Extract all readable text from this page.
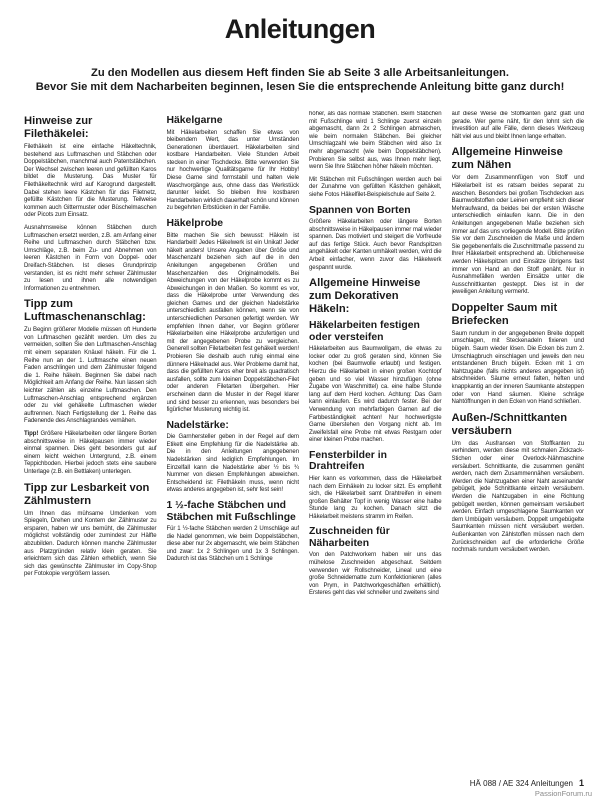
Anleitungen
Zu den Modellen aus diesem Heft finden Sie ab Seite 3 alle Arbeitsanleitungen.
Bevor Sie mit dem Nacharbeiten beginnen, lesen Sie die entsprechende Anleitung bitte ganz durch!
Hinweise zur Filethäkelei:

Filethäkeln ist eine einfache Häkeltechnik, bestehend aus Luftmaschen und Stäbchen oder Doppelstäbchen, manchmal auch Patentstäbchen. Der Wechsel zwischen leeren und gefüllten Karos bildet die Musterung. Das Muster für Filethäkeltechnik wird auf Karogrund dargestellt. Dabei stehen leere Kästchen für das Filetnetz, gefüllte Kästchen für die Musterung. Teilweise kommen auch Gittermuster oder Büschelmaschen oder Picots zum Einsatz.

Ausnahmsweise können Stäbchen durch Luftmaschen ersetzt werden, z.B. am Anfang einer Reihe und Luftmaschen durch Stäbchen bzw. Umschläge, z.B. beim Zu- und Abnehmen von leeren Kästchen in Form von Doppel- oder Dreifach-Stäbchen. Ist dieses Grundprinzip verstanden, ist es nicht mehr schwer Zählmuster zu lesen und ihnen alle notwendigen Informationen zu entnehmen.

Tipp zum Luftmaschenanschlag:

Zu Beginn größerer Modelle müssen oft Hunderte von Luftmaschen gezählt werden. Um dies zu vermeiden, sollten Sie den Luftmaschen-Anschlag mit einem separaten Knäuel häkeln. Für die 1. Reihe nun an der 1. Luftmasche einen neuen Faden anschlingen und dem Zählmuster folgend die 1. Reihe häkeln. Beginnen Sie dabei nach Möglichkeit am Anfang der Reihe. Nun lassen sich leichter zählen als einzelne Luftmaschen. Den Luftmaschen-Anschlag entsprechend ergänzen oder zu viel gehäkelte Luftmaschen wieder auftrennen. Nach Fertigstellung der 1. Reihe das Fadenende des Anschlagrandes vernähen.

Tipp! Größere Häkelarbeiten oder längere Borten abschnittsweise in Häkelpausen immer wieder einmal spannen. Dies geht besonders gut auf einem leicht weichen Untergrund, z.B. einem Teppichboden. Hierbei jedoch stets eine saubere Unterlage (z.B. ein Bettlaken) unterlegen.

Tipp zur Lesbarkeit von Zählmustern

Um Ihnen das mühsame Umdenken vom Spiegeln, Drehen und Kontern der Zählmuster zu ersparen, haben wir uns bemüht, die Zählmuster möglichst vollständig oder zumindest zur Hälfte abzubilden. Dadurch können manche Zählmuster aus Platzgründen relativ klein geraten. Sie erleichtern sich das Zählen erheblich, wenn Sie sich das gewünschte Zählmuster im Copy-Shop per Fotokopie vergrößern lassen.

Häkelgarne

Mit Häkelarbeiten schaffen Sie etwas von bleibendem Wert, das unter Umständen Generationen überdauert. Häkelarbeiten sind kostbare Handarbeiten. Viele Stunden Arbeit stecken in einer Tischdecke. Bitte verwenden Sie nur hochwertige Qualitätsgarne für Ihr Hobby! Diese Garne sind formstabil und halten viele Waschvorgänge aus, ohne dass das Werkstück darunter leidet. So bleiben Ihre kostbaren Handarbeiten wirklich dauerhaft schön und können zu begehrten Erbstücken in der Familie.

Häkelprobe

Bitte machen Sie sich bewusst: Häkeln ist Handarbeit! Jedes Häkelwerk ist ein Unikat! Jeder häkelt anders! Unsere Angaben über Größe und Maschenzahl beziehen sich auf die in den Anleitungen angegebenen Größen und Maschenzahlen des Originalmodells. Bei Abweichungen von der Häkelprobe kommt es zu Abweichungen in den Maßen. So kommt es vor, dass die Häkelprobe unter Verwendung des gleichen Garnes und der gleichen Nadelstärke unterschiedlich ausfallen können, wenn sie von unterschiedlichen Personen gefertigt werden. Wir empfehlen Ihnen daher, vor Beginn größerer Häkelarbeiten eine Häkelprobe anzufertigen und mit der angegebenen Probe zu vergleichen. Generell sollten Filetarbeiten fest gehäkelt werden! Probieren Sie deshalb auch ruhig einmal eine dünnere Häkelnadel aus. Wer Probleme damit hat, dass die gefüllten Karos eher breit als quadratisch ausfallen, sollte zum kleinen Doppelstäbchen-Filet oder anderen Filetarten übergehen. Hier erscheinen dann die Muster in der Regel klarer und sind besser zu erkennen, was besonders bei figürlicher Musterung wichtig ist.

Nadelstärke:

Die Garnhersteller geben in der Regel auf dem Etikett eine Empfehlung für die Nadelstärke ab. Die in den Anleitungen angegebenen Nadelstärken sind lediglich Empfehlungen. Im Einzelfall kann die Nadelstärke aber ½ bis ¾ Nummer von diesen Empfehlungen abweichen. Entscheidend ist: Filethäkeln muss, wenn nicht etwas anderes angegeben ist, sehr fest sein!

1 ½-fache Stäbchen und Stäbchen mit Fußschlinge

Für 1 ½-fache Stäbchen werden 2 Umschläge auf die Nadel genommen, wie beim Doppelstäbchen, diese aber nur 2x abgemascht, wie beim Stäbchen und zwar: 1x 2 Schlingen und 1x 3 Schlingen. Dadurch ist das Stäbchen um 1 Schlinge

höher, als das normale Stäbchen. Beim Stäbchen mit Fußschlinge wird 1 Schlinge zuerst einzeln abgemascht, dann 2x 2 Schlingen abmaschen, wie beim normalen Stäbchen. Bei gleicher Umschlagzahl wie beim Stäbchen wird also 1x mehr abgemascht (wie beim Doppelstäbchen). Probieren Sie selbst aus, was Ihnen mehr liegt, wenn Sie Ihre Stäbchen höher häkeln möchten.

Mit Stäbchen mit Fußschlingen werden auch bei der Zunahme von gefüllten Kästchen gehäkelt, siehe Fotos Häkelfilet-Beispielschule auf Seite 2.

Spannen von Borten

Größere Häkelarbeiten oder längere Borten abschnittsweise in Häkelpausen immer mal wieder spannen. Das motiviert und steigert die Vorfreude auf das fertige Stück. Auch bevor Randspitzen angehäkelt oder Kanten umhäkelt werden, wird die Arbeit einfacher, wenn zuvor das Häkelwerk gespannt wurde.

Allgemeine Hinweise zum Dekorativen Häkeln:
Häkelarbeiten festigen oder versteifen

Häkelarbeiten aus Baumwollgarn, die etwas zu locker oder zu groß geraten sind, können Sie kochen (bei Baumwolle erlaubt) und festigen. Hierzu die Häkelarbeit in einen großen Kochtopf geben und so viel Wasser hinzufügen (ohne Zugabe von Waschmittel) ca. eine halbe Stunde lang auf dem Herd kochen. Achtung: Das Garn kann einlaufen. Es wird dadurch fester. Bei der Verwendung von mehrfarbigen Garnen auf die Farbbeständigkeit achten! Nur hochwertigste Garne überstehen den Vorgang nicht ab. Im Zweifelsfall eine Probe mit etwas Restgarn oder einer kleinen Probe machen.

Fensterbilder in Drahtreifen

Hier kann es vorkommen, dass die Häkelarbeit nach dem Einhäkeln zu locker sitzt. Es empfiehlt sich, die Häkelarbeit samt Drahtreifen in einem großen Behälter Topf in wenig Wasser eine halbe Stunde lang zu kochen. Danach sitzt die Häkelarbeit meistens stramm im Reifen.

Zuschneiden für Näharbeiten

Von den Patchworkern haben wir uns das mühelose Zuschneiden abgeschaut. Seitdem verwenden wir Rollschneider, Lineal und eine große Schneidematte zum Konfektionieren (alles von Prym, in Patchworkgeschäften erhältlich). Ersteres geht das viel schneller und zweitens sind

auf diese Weise die Stoffkanten ganz glatt und gerade. Wer gerne näht, für den lohnt sich die Investition auf alle Fälle, denn dieses Werkzeug hält viel aus und bleibt Ihnen lange erhalten.

Allgemeine Hinweise zum Nähen

Vor dem Zusammennfügen von Stoff und Häkelarbeit ist es ratsam beides separat zu waschen. Besonders bei großen Tischdecken aus Baumwollstoffen oder Leinen empfiehlt sich dieser Mehraufwand, da beides bei der ersten Wäsche unterschiedlich einlaufen kann. Die in den Anleitungen angegebenen Maße beziehen sich immer auf das uns vorliegende Modell. Bitte prüfen Sie vor dem Zuschneiden die Maße und ändern Sie gegebenenfalls die Zuschnittmaße passend zu Ihrer Häkelarbeit entsprechend ab. Üblicherweise werden Häkelspitzen und Einsätze übrigens fast immer von Hand an den Stoff genäht. Nur in Ausnahmefällen werden Einsätze unter die Ausschnittkanten gesteppt. Dies ist in der jeweiligen Anleitung vermerkt.

Doppelter Saum mit Briefecken

Saum rundum in der angegebenen Breite doppelt umschlagen, mit Steckenadeln fixieren und bügeln. Saum wieder lösen. Die Ecken bis zum 2. Umschlagbruch einschlagen und jeweils den neu entstandenen Bruch bügeln. Ecken mit 1 cm Nahtzugabe (falls nichts anderes angegeben ist) abschneiden. Säume erneut falten, heften und knappkantig an der inneren Saumkante absteppen oder von Hand säumen. Kleine schräge Nahtöffnungen in den Ecken von Hand schließen.

Außen-/Schnittkanten versäubern

Um das Ausfransen von Stoffkanten zu verhindern, werden diese mit schmalen Zickzack-Stichen oder einer Overlock-Nähmaschine versäubert. Schnittkante, die zusammen genäht werden, nach dem Zusammennähen versäubern. Werden die Nahtzugaben einer Naht auseinander gebügelt, jede Schnittkante einzeln versäubern. Werden die Nahtzugaben in eine Richtung gebügelt werden, können gemeinsam versäubert werden. Einfach umgeschlagene Saumkanten vor dem Umbügeln versäubern. Doppelt umgebügelte Saumkanten müssen nicht versäubert werden. Außenkanten von Zählstoffen müssen nach dem Zurückschneiden auf die erforderliche Größe nochmals rundum versäubert werden.

HÄ 088 / AE 324 Anleitungen 1
PassionForum.ru
